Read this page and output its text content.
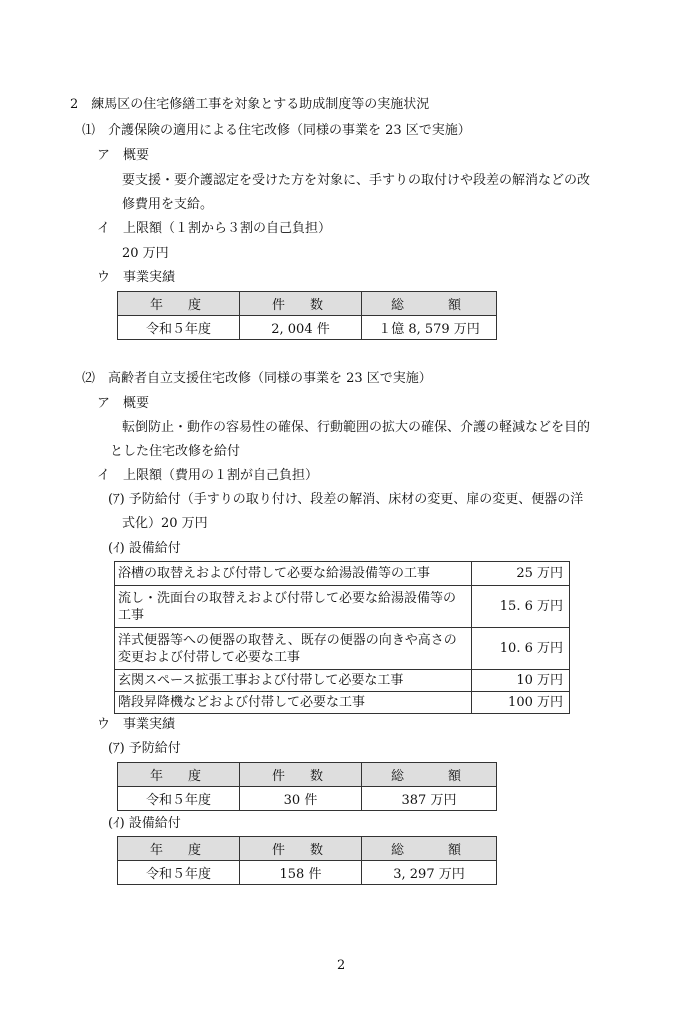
2　練馬区の住宅修繕工事を対象とする助成制度等の実施状況
⑴　介護保険の適用による住宅改修（同様の事業を 23 区で実施）
ア　概要
要支援・要介護認定を受けた方を対象に、手すりの取付けや段差の解消などの改
修費用を支給。
イ　上限額（１割から３割の自己負担）
20 万円
ウ　事業実績
年　度	件　数	総　　額
令和５年度	2, 004 件	１億 8, 579 万円
⑵　高齢者自立支援住宅改修（同様の事業を 23 区で実施）
ア　概要
転倒防止・動作の容易性の確保、行動範囲の拡大の確保、介護の軽減などを目的
とした住宅改修を給付
イ　上限額（費用の１割が自己負担）
(ｱ) 予防給付（手すりの取り付け、段差の解消、床材の変更、扉の変更、便器の洋
式化）20 万円
(ｲ) 設備給付
浴槽の取替えおよび付帯して必要な給湯設備等の工事	25 万円
流し・洗面台の取替えおよび付帯して必要な給湯設備等の工事	15. 6 万円
洋式便器等への便器の取替え、既存の便器の向きや高さの変更および付帯して必要な工事	10. 6 万円
玄関スペース拡張工事および付帯して必要な工事	10 万円
階段昇降機などおよび付帯して必要な工事	100 万円
ウ　事業実績
(ｱ) 予防給付
年　度	件　数	総　　額
令和５年度	30 件	387 万円
(ｲ) 設備給付
年　度	件　数	総　　額
令和５年度	158 件	3, 297 万円
2
